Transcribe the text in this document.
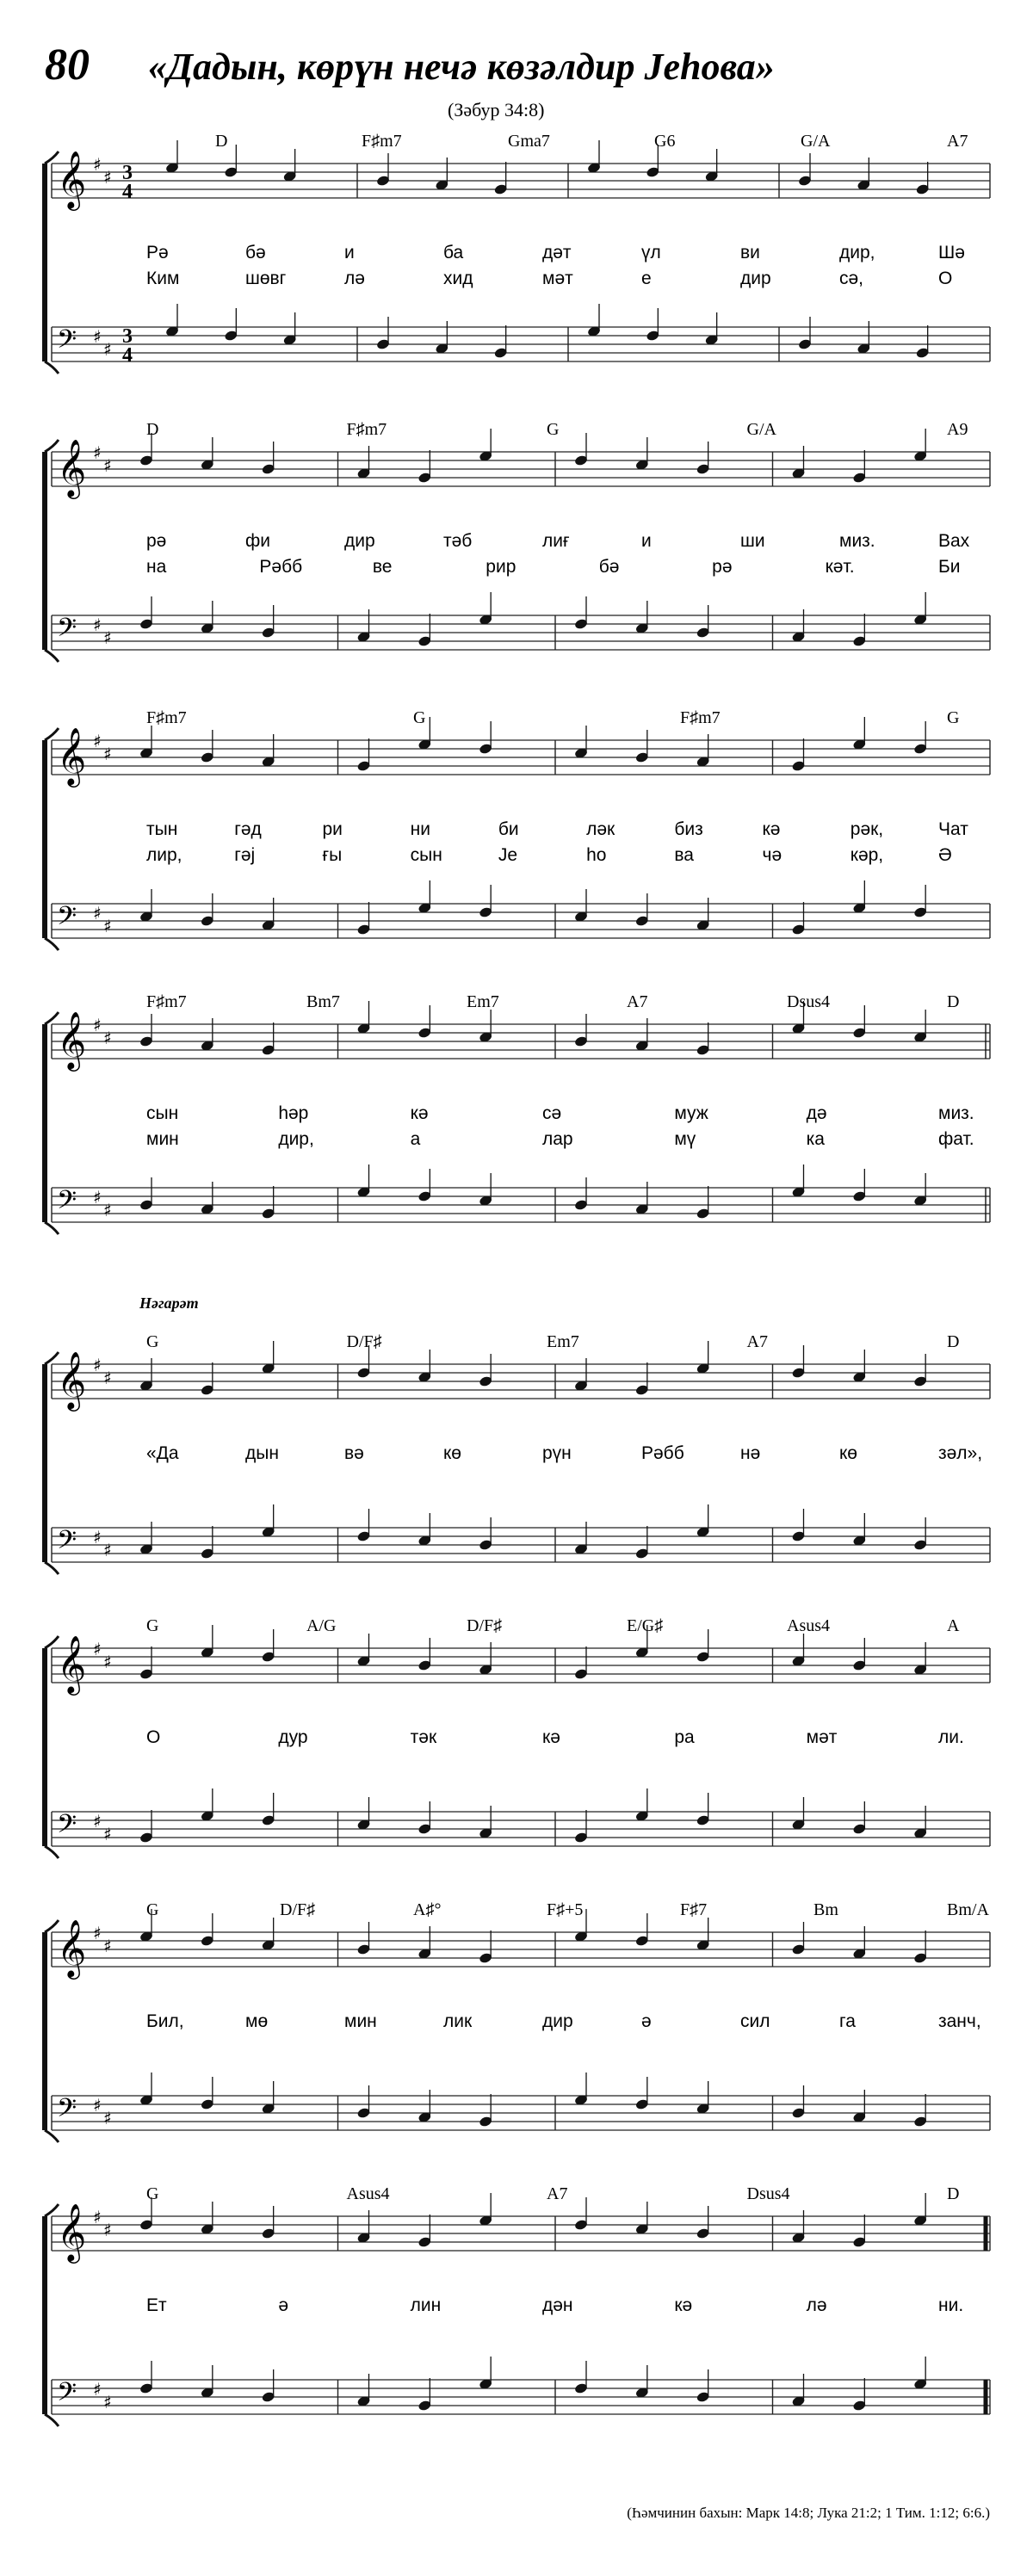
80 «Дадын, көрүн нечә көзәлдир Јеһова»
(Зәбур 34:8)
Нәгарәт
(Һәмчинин бахын: Марк 14:8; Лука 21:2; 1 Тим. 1:12; 6:6.)
𝄞 ♯
♯ 3
4
𝄢 ♯
♯
3
4
D	F♯m7	Gma7	G6	G/A	A7
Рә	бә	и	ба	дәт	үл	ви	дир,	Шә
Ким	шөвг	лә	хид	мәт	е	дир	сә,	О
𝄞 ♯
♯
𝄢 ♯
♯
D	F♯m7	G	G/A	A9
рә	фи	дир	тәб	лиғ	и	ши	миз.	Вах
на	Рәбб	ве	рир	бә	рә	кәт.	Би
𝄞 ♯
♯
𝄢 ♯
♯
F♯m7	G	F♯m7	G
тын	гәд	ри	ни	би	ләк	биз	кә	рәк,	Чат
лир,	гәј	ғы	сын	Је	һо	ва	чә	кәр,	Ә
𝄞 ♯
♯
𝄢 ♯
♯
F♯m7	Bm7	Em7	A7	Dsus4	D
сын	һәр	кә	сә	муж	дә	миз.
мин	дир,	а	лар	мү	ка	фат.
𝄞 ♯
♯
𝄢 ♯
♯
G	D/F♯	Em7	A7	D
«Да	дын	вә	кө	рүн	Рәбб	нә	кө	зәл»,
𝄞 ♯
♯
𝄢 ♯
♯
G	A/G	D/F♯	E/G♯	Asus4	A
О	дур	тәк	кә	ра	мәт	ли.
𝄞 ♯
♯
𝄢 ♯
♯
G	D/F♯	A♯°	F♯+5	F♯7	Bm	Bm/A
Бил,	мө	мин	лик	дир	ә	сил	га	занч,
𝄞 ♯
♯
𝄢 ♯
♯
G	Asus4	A7	Dsus4	D
Ет	ә	лин	дән	кә	лә	ни.
